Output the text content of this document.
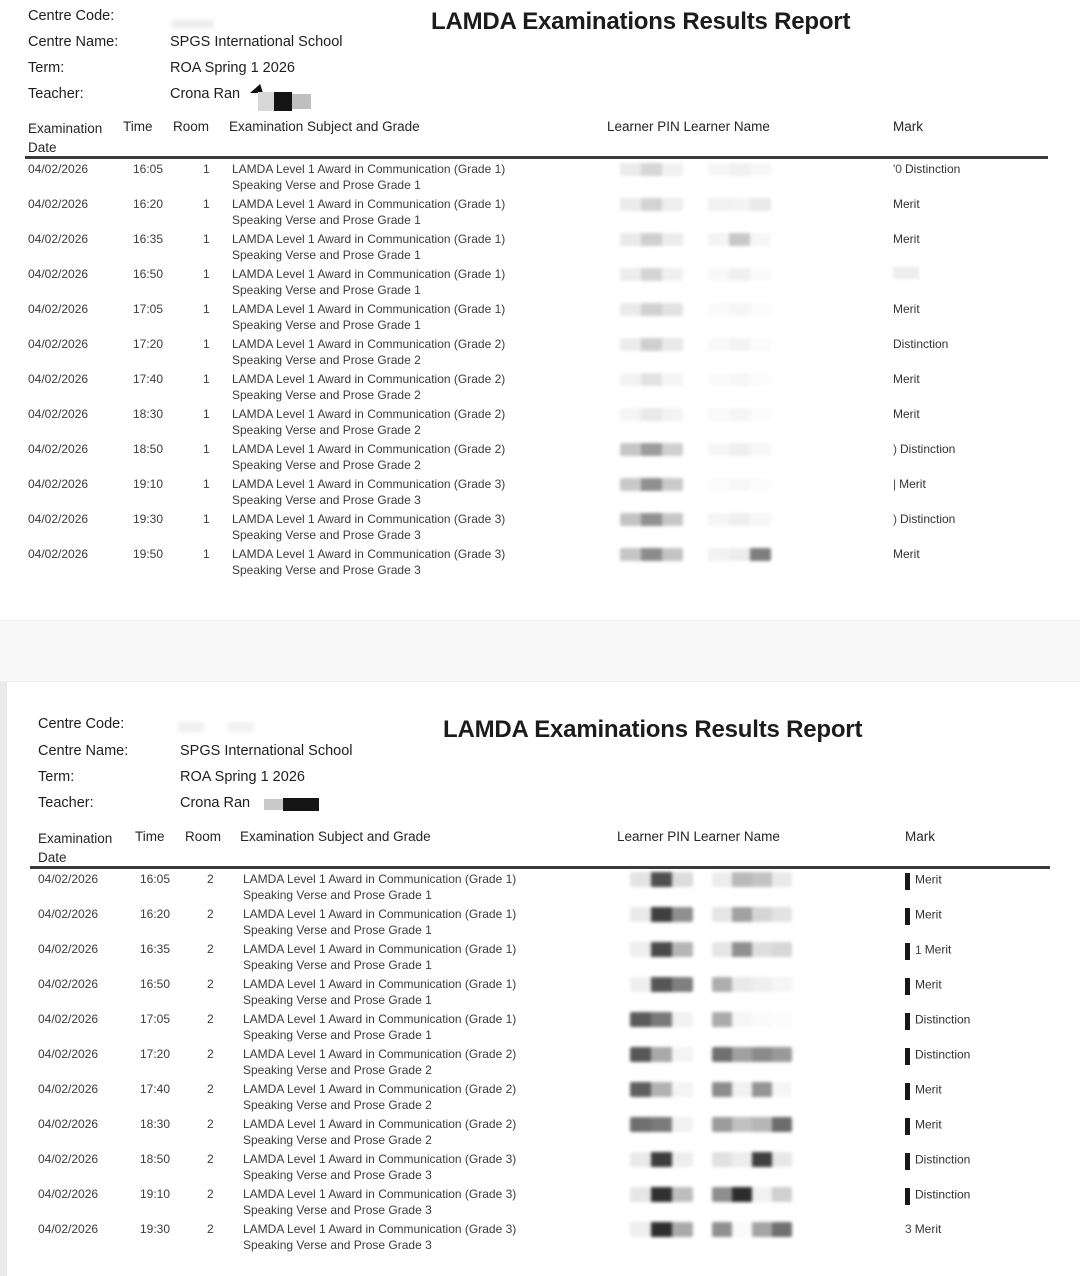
LAMDA Examinations Results Report
Centre Code:
Centre Name:	SPGS International School
Term:	ROA Spring 1 2026
Teacher:	Crona Ran
Examination
Date
Time Room Examination Subject and Grade	Learner PIN Learner Name	Mark
04/02/2026	16:05	1 LAMDA Level 1 Award in Communication (Grade 1)
Speaking Verse and Prose Grade 1
'0 Distinction
04/02/2026	16:20	1 LAMDA Level 1 Award in Communication (Grade 1)
Speaking Verse and Prose Grade 1
Merit
04/02/2026	16:35	1 LAMDA Level 1 Award in Communication (Grade 1)
Speaking Verse and Prose Grade 1
Merit
04/02/2026	16:50	1 LAMDA Level 1 Award in Communication (Grade 1)
Speaking Verse and Prose Grade 1
04/02/2026	17:05	1 LAMDA Level 1 Award in Communication (Grade 1)
Speaking Verse and Prose Grade 1
Merit
04/02/2026	17:20	1 LAMDA Level 1 Award in Communication (Grade 2)
Speaking Verse and Prose Grade 2
Distinction
04/02/2026	17:40	1 LAMDA Level 1 Award in Communication (Grade 2)
Speaking Verse and Prose Grade 2
Merit
04/02/2026	18:30	1 LAMDA Level 1 Award in Communication (Grade 2)
Speaking Verse and Prose Grade 2
Merit
04/02/2026	18:50	1 LAMDA Level 1 Award in Communication (Grade 2)
Speaking Verse and Prose Grade 2
) Distinction
04/02/2026	19:10	1 LAMDA Level 1 Award in Communication (Grade 3)
Speaking Verse and Prose Grade 3
| Merit
04/02/2026	19:30	1 LAMDA Level 1 Award in Communication (Grade 3)
Speaking Verse and Prose Grade 3
) Distinction
04/02/2026	19:50	1 LAMDA Level 1 Award in Communication (Grade 3)
Speaking Verse and Prose Grade 3
Merit
LAMDA Examinations Results Report
Centre Code:
Centre Name:	SPGS International School
Term:	ROA Spring 1 2026
Teacher:	Crona Ran
Examination
Date
Time Room Examination Subject and Grade	Learner PIN Learner Name	Mark
04/02/2026	16:05	2 LAMDA Level 1 Award in Communication (Grade 1)
Speaking Verse and Prose Grade 1
Merit
04/02/2026	16:20	2 LAMDA Level 1 Award in Communication (Grade 1)
Speaking Verse and Prose Grade 1
Merit
04/02/2026	16:35	2 LAMDA Level 1 Award in Communication (Grade 1)
Speaking Verse and Prose Grade 1
1 Merit
04/02/2026	16:50	2 LAMDA Level 1 Award in Communication (Grade 1)
Speaking Verse and Prose Grade 1
Merit
04/02/2026	17:05	2 LAMDA Level 1 Award in Communication (Grade 1)
Speaking Verse and Prose Grade 1
Distinction
04/02/2026	17:20	2 LAMDA Level 1 Award in Communication (Grade 2)
Speaking Verse and Prose Grade 2
Distinction
04/02/2026	17:40	2 LAMDA Level 1 Award in Communication (Grade 2)
Speaking Verse and Prose Grade 2
Merit
04/02/2026	18:30	2 LAMDA Level 1 Award in Communication (Grade 2)
Speaking Verse and Prose Grade 2
Merit
04/02/2026	18:50	2 LAMDA Level 1 Award in Communication (Grade 3)
Speaking Verse and Prose Grade 3
Distinction
04/02/2026	19:10	2 LAMDA Level 1 Award in Communication (Grade 3)
Speaking Verse and Prose Grade 3
Distinction
04/02/2026	19:30	2 LAMDA Level 1 Award in Communication (Grade 3)
Speaking Verse and Prose Grade 3
3 Merit
